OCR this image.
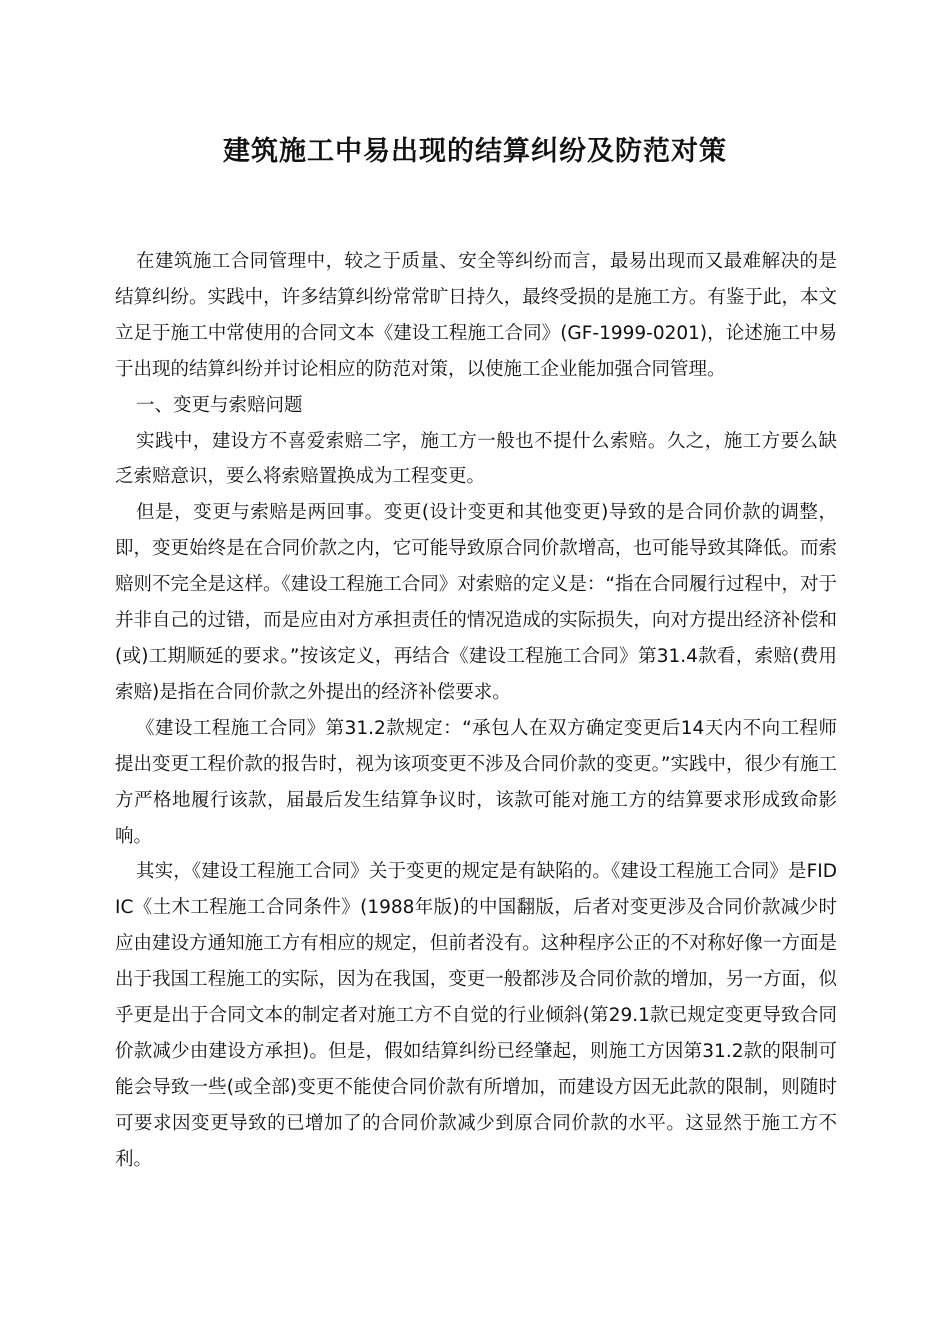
建筑施工中易出现的结算纠纷及防范对策

在建筑施工合同管理中，较之于质量、安全等纠纷而言，最易出现而又最难解决的是结算纠纷。实践中，许多结算纠纷常常旷日持久，最终受损的是施工方。有鉴于此，本文立足于施工中常使用的合同文本《建设工程施工合同》(GF-1999-0201)，论述施工中易于出现的结算纠纷并讨论相应的防范对策，以使施工企业能加强合同管理。

一、变更与索赔问题

实践中，建设方不喜爱索赔二字，施工方一般也不提什么索赔。久之，施工方要么缺乏索赔意识，要么将索赔置换成为工程变更。

但是，变更与索赔是两回事。变更(设计变更和其他变更)导致的是合同价款的调整，即，变更始终是在合同价款之内，它可能导致原合同价款增高，也可能导致其降低。而索赔则不完全是这样。《建设工程施工合同》对索赔的定义是：“指在合同履行过程中，对于并非自己的过错，而是应由对方承担责任的情况造成的实际损失，向对方提出经济补偿和(或)工期顺延的要求。”按该定义，再结合《建设工程施工合同》第31.4款看，索赔(费用索赔)是指在合同价款之外提出的经济补偿要求。

《建设工程施工合同》第31.2款规定：“承包人在双方确定变更后14天内不向工程师提出变更工程价款的报告时，视为该项变更不涉及合同价款的变更。”实践中，很少有施工方严格地履行该款，届最后发生结算争议时，该款可能对施工方的结算要求形成致命影响。

其实，《建设工程施工合同》关于变更的规定是有缺陷的。《建设工程施工合同》是FIDIC《土木工程施工合同条件》(1988年版)的中国翻版，后者对变更涉及合同价款减少时应由建设方通知施工方有相应的规定，但前者没有。这种程序公正的不对称好像一方面是出于我国工程施工的实际，因为在我国，变更一般都涉及合同价款的增加，另一方面，似乎更是出于合同文本的制定者对施工方不自觉的行业倾斜(第29.1款已规定变更导致合同价款减少由建设方承担)。但是，假如结算纠纷已经肇起，则施工方因第31.2款的限制可能会导致一些(或全部)变更不能使合同价款有所增加，而建设方因无此款的限制，则随时可要求因变更导致的已增加了的合同价款减少到原合同价款的水平。这显然于施工方不利。
